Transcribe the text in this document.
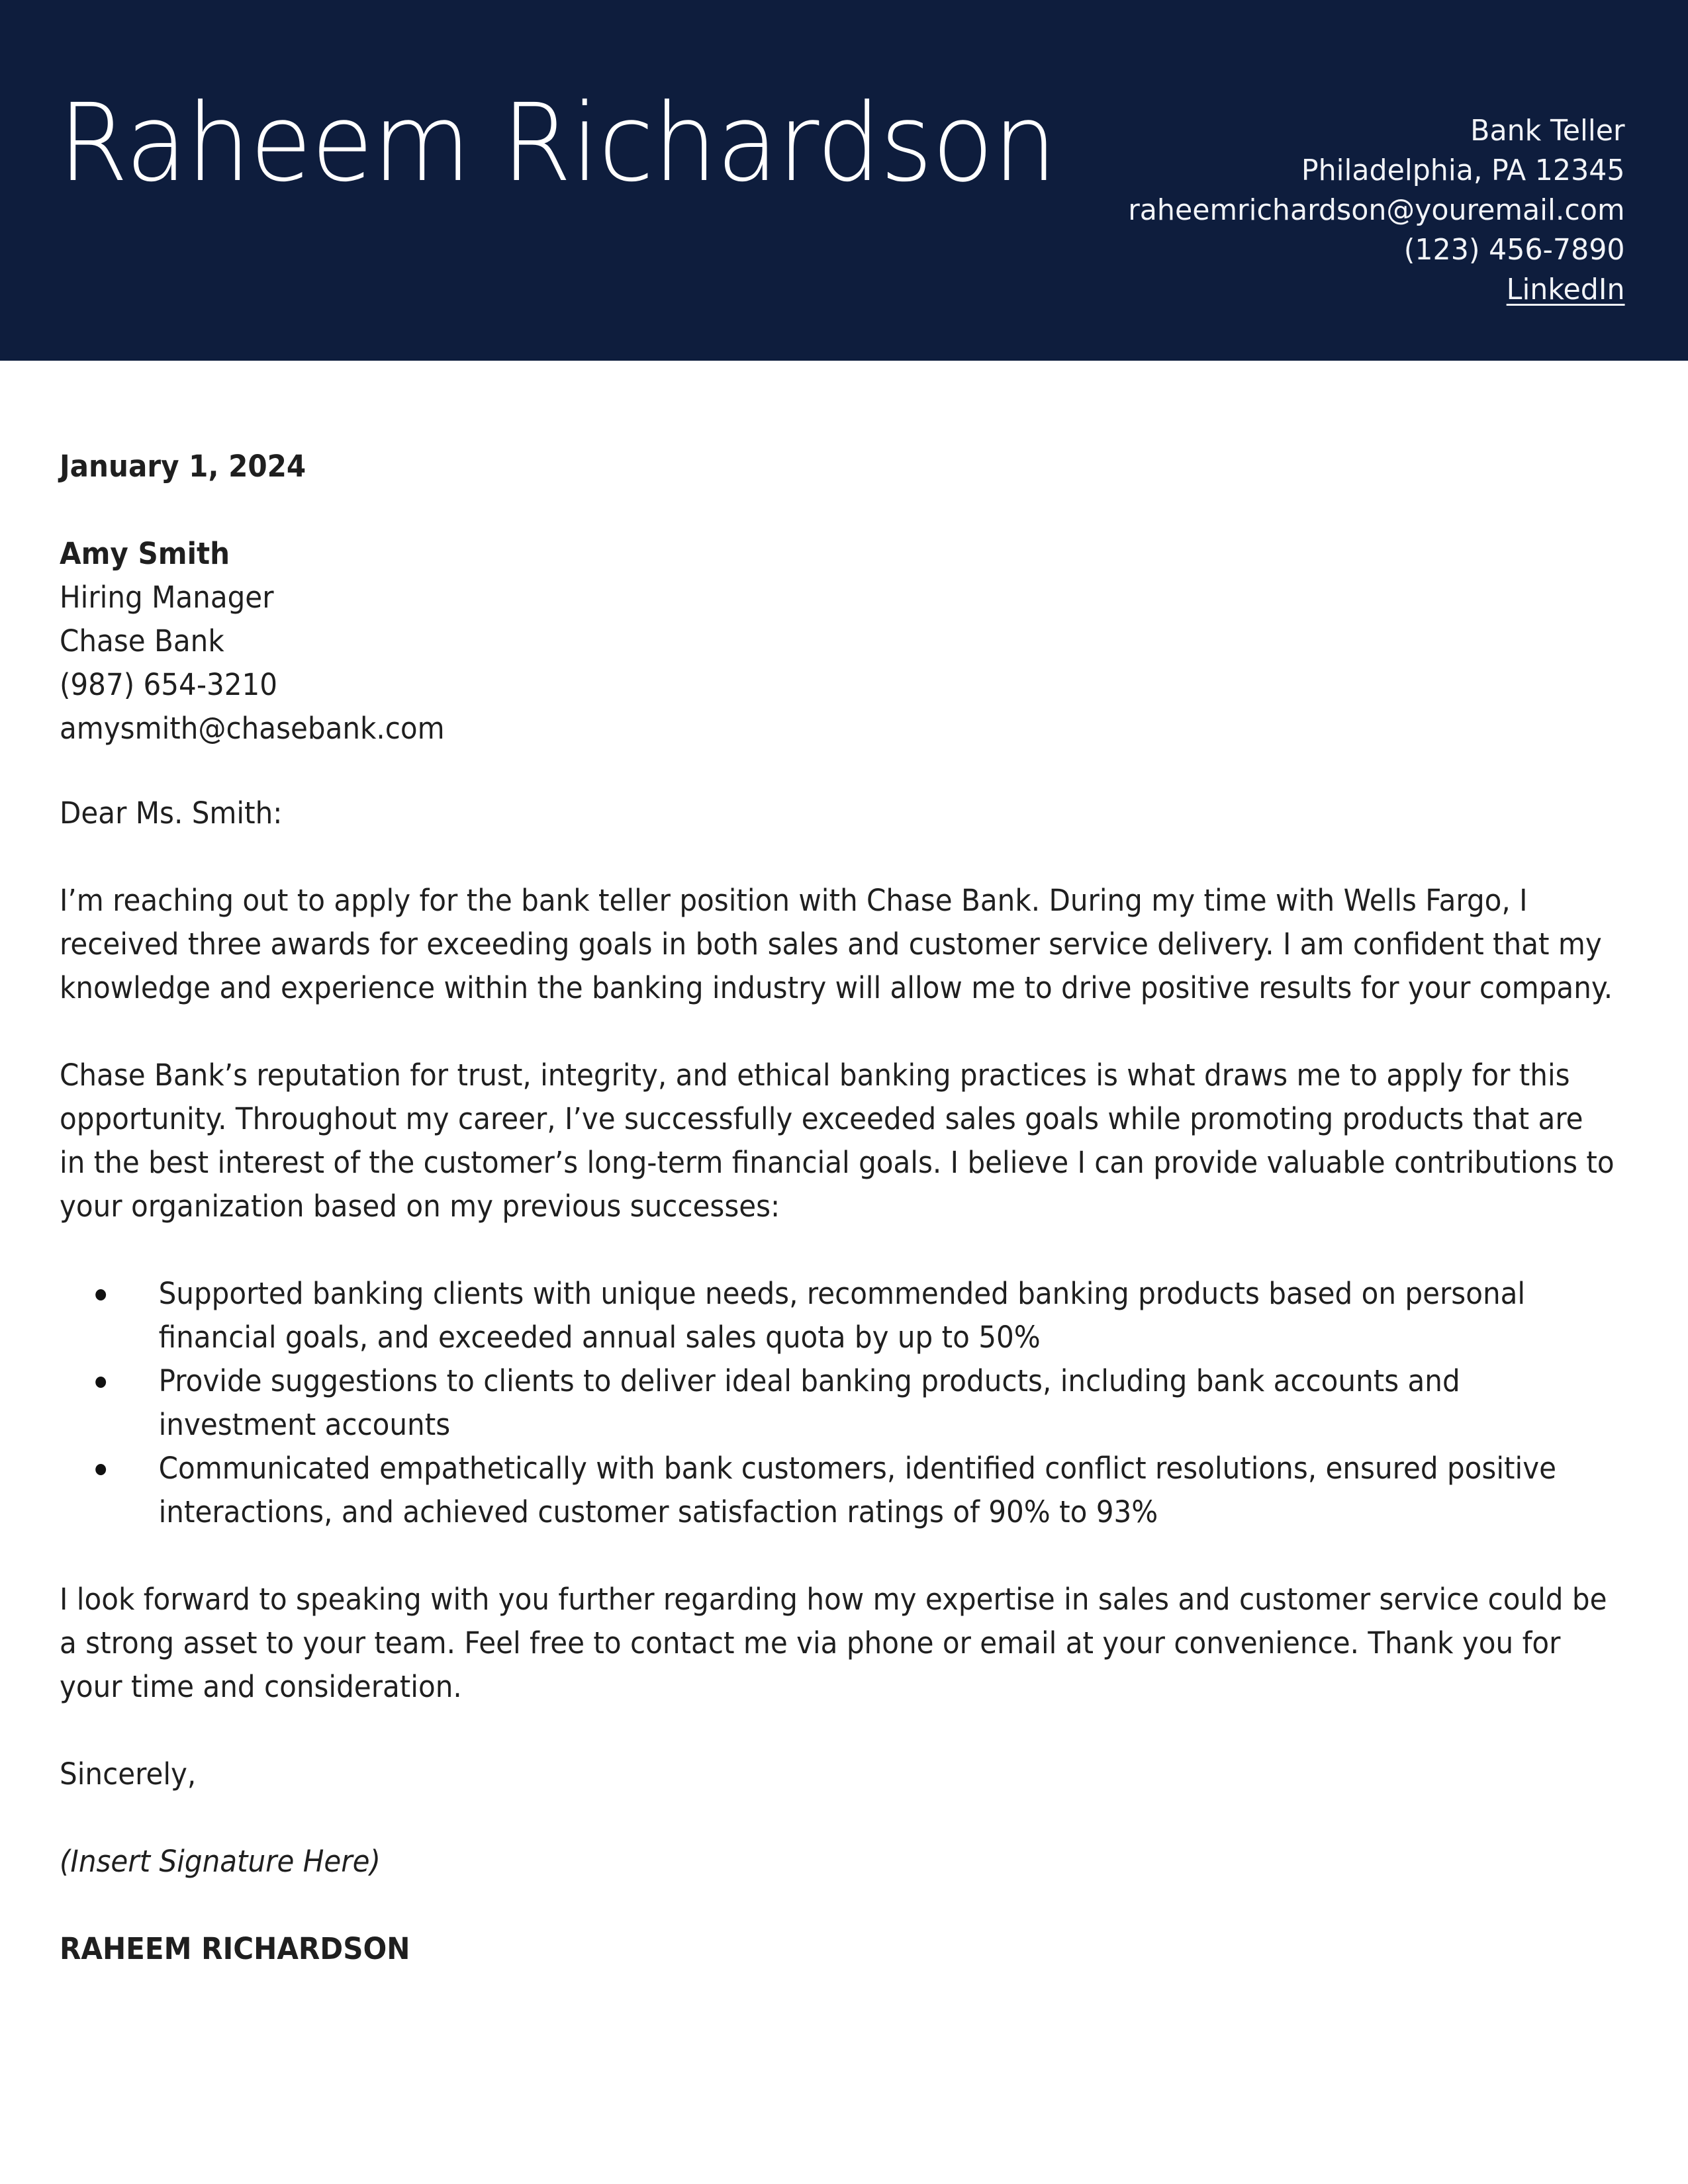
Raheem Richardson	Bank Teller
Philadelphia, PA 12345
raheemrichardson@youremail.com
(123) 456-7890
LinkedIn
January 1, 2024
Amy Smith
Hiring Manager
Chase Bank
(987) 654-3210
amysmith@chasebank.com
Dear Ms. Smith:

I’m reaching out to apply for the bank teller position with Chase Bank. During my time with Wells Fargo, I received three awards for exceeding goals in both sales and customer service delivery. I am confident that my knowledge and experience within the banking industry will allow me to drive positive results for your company.

Chase Bank’s reputation for trust, integrity, and ethical banking practices is what draws me to apply for this opportunity. Throughout my career, I’ve successfully exceeded sales goals while promoting products that are in the best interest of the customer’s long-term financial goals. I believe I can provide valuable contributions to your organization based on my previous successes:

Supported banking clients with unique needs, recommended banking products based on personal financial goals, and exceeded annual sales quota by up to 50%
Provide suggestions to clients to deliver ideal banking products, including bank accounts and investment accounts
Communicated empathetically with bank customers, identified conflict resolutions, ensured positive interactions, and achieved customer satisfaction ratings of 90% to 93%

I look forward to speaking with you further regarding how my expertise in sales and customer service could be a strong asset to your team. Feel free to contact me via phone or email at your convenience. Thank you for your time and consideration.

Sincerely,
(Insert Signature Here)
RAHEEM RICHARDSON
